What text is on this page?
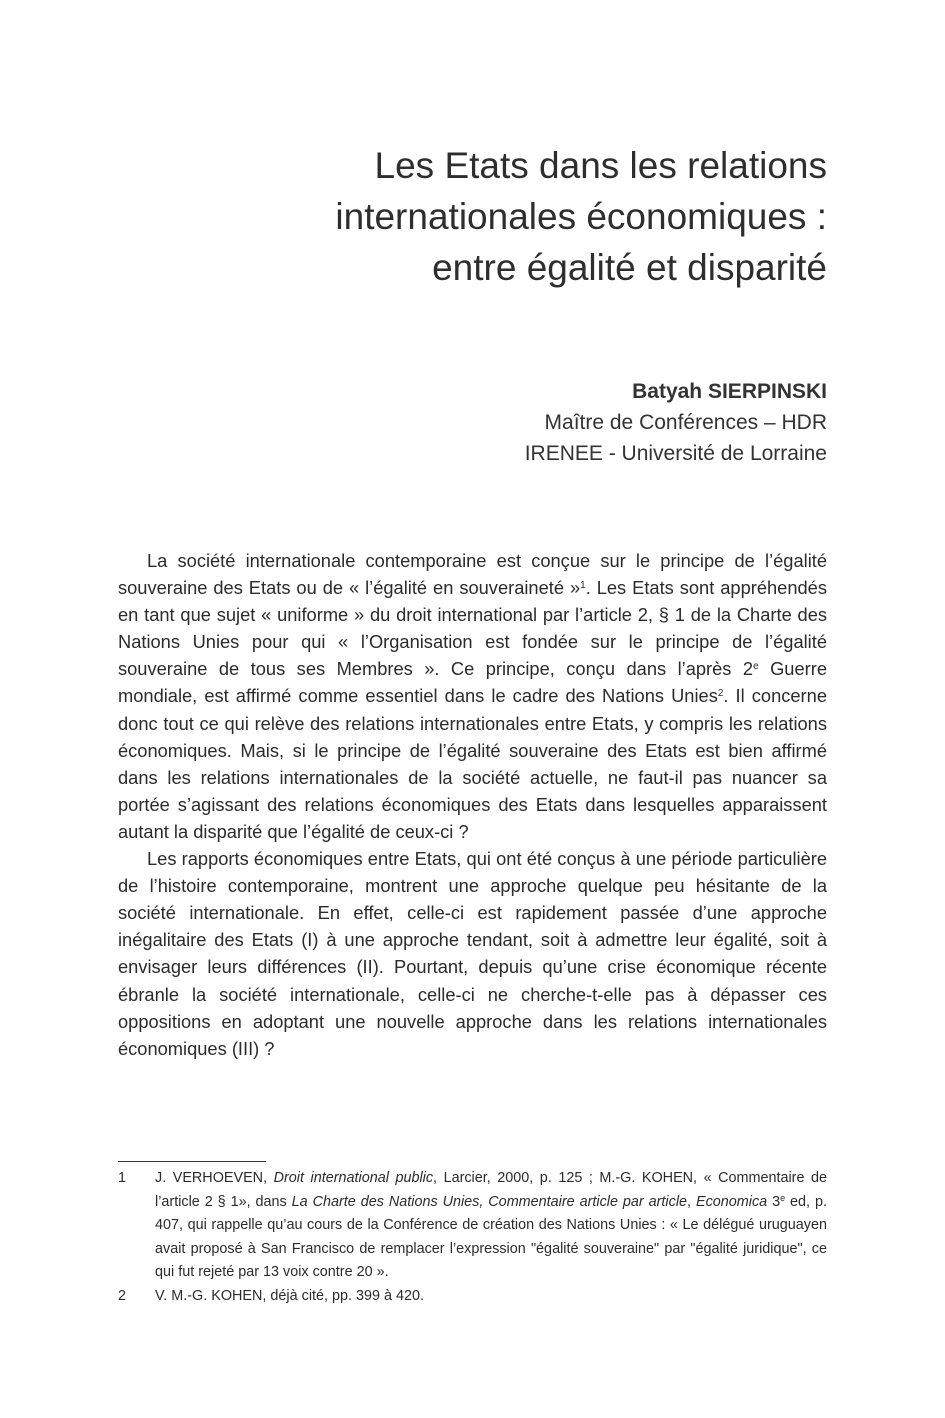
Les Etats dans les relations
internationales économiques :
entre égalité et disparité
Batyah SIERPINSKI
Maître de Conférences – HDR
IRENEE - Université de Lorraine

La société internationale contemporaine est conçue sur le principe de l’égalité souveraine des Etats ou de « l’égalité en souveraineté »$^1$. Les Etats sont appréhendés en tant que sujet « uniforme » du droit international par l’article 2, § 1 de la Charte des Nations Unies pour qui « l’Organisation est fondée sur le principe de l’égalité souveraine de tous ses Membres ». Ce principe, conçu dans l’après 2e Guerre mondiale, est affirmé comme essentiel dans le cadre des Nations Unies$^2$. Il concerne donc tout ce qui relève des relations internationales entre Etats, y compris les relations économiques. Mais, si le principe de l’égalité souveraine des Etats est bien affirmé dans les relations internationales de la société actuelle, ne faut-il pas nuancer sa portée s’agissant des relations économiques des Etats dans lesquelles apparaissent autant la disparité que l’égalité de ceux-ci ?

Les rapports économiques entre Etats, qui ont été conçus à une période particulière de l’histoire contemporaine, montrent une approche quelque peu hésitante de la société internationale. En effet, celle-ci est rapidement passée d’une approche inégalitaire des Etats (I) à une approche tendant, soit à admettre leur égalité, soit à envisager leurs différences (II). Pourtant, depuis qu’une crise économique récente ébranle la société internationale, celle-ci ne cherche-t-elle pas à dépasser ces oppositions en adoptant une nouvelle approche dans les relations internationales économiques (III) ?

1 J. VERHOEVEN, Droit international public, Larcier, 2000, p. 125 ; M.-G. KOHEN, « Commentaire de l’article 2 § 1», dans La Charte des Nations Unies, Commentaire article par article, Economica 3e ed, p. 407, qui rappelle qu’au cours de la Conférence de création des Nations Unies : « Le délégué uruguayen avait proposé à San Francisco de remplacer l’expression "égalité souveraine" par "égalité juridique", ce qui fut rejeté par 13 voix contre 20 ».
2 V. M.-G. KOHEN, déjà cité, pp. 399 à 420.
